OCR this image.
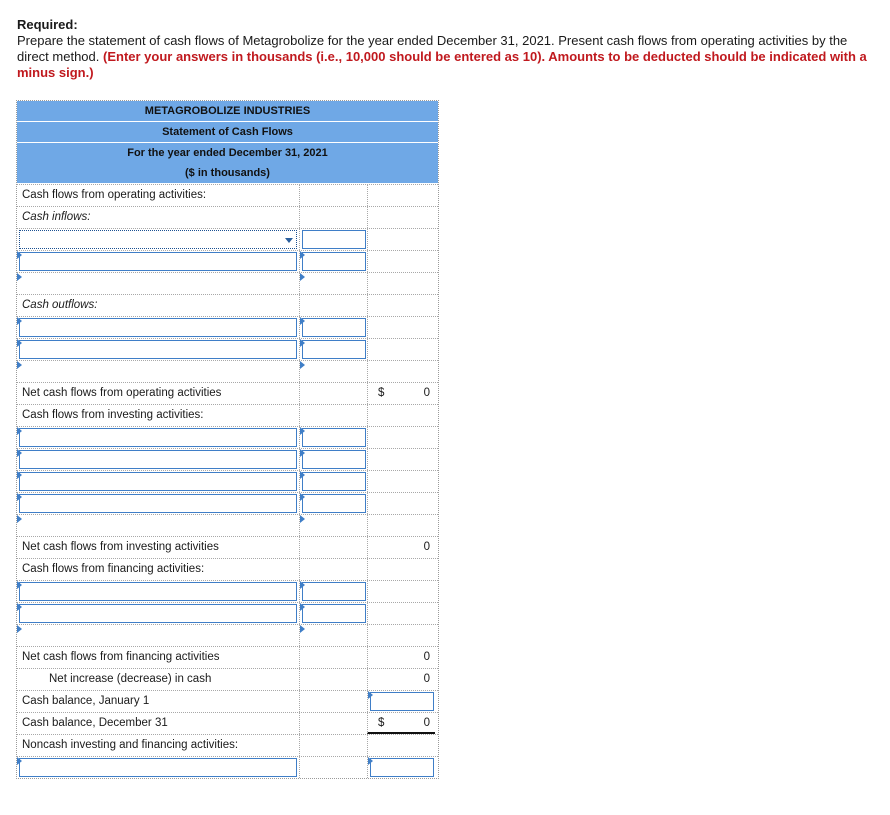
Required:
Prepare the statement of cash flows of Metagrobolize for the year ended December 31, 2021. Present cash flows from operating activities by the direct method. (Enter your answers in thousands (i.e., 10,000 should be entered as 10). Amounts to be deducted should be indicated with a minus sign.)
METAGROBOLIZE INDUSTRIES
Statement of Cash Flows
For the year ended December 31, 2021
($ in thousands)
Cash flows from operating activities:
Cash inflows:
Cash outflows:
Net cash flows from operating activities	$	0
Cash flows from investing activities:
Net cash flows from investing activities	0
Cash flows from financing activities:
Net cash flows from financing activities	0
Net increase (decrease) in cash	0
Cash balance, January 1
Cash balance, December 31	$	0
Noncash investing and financing activities:
